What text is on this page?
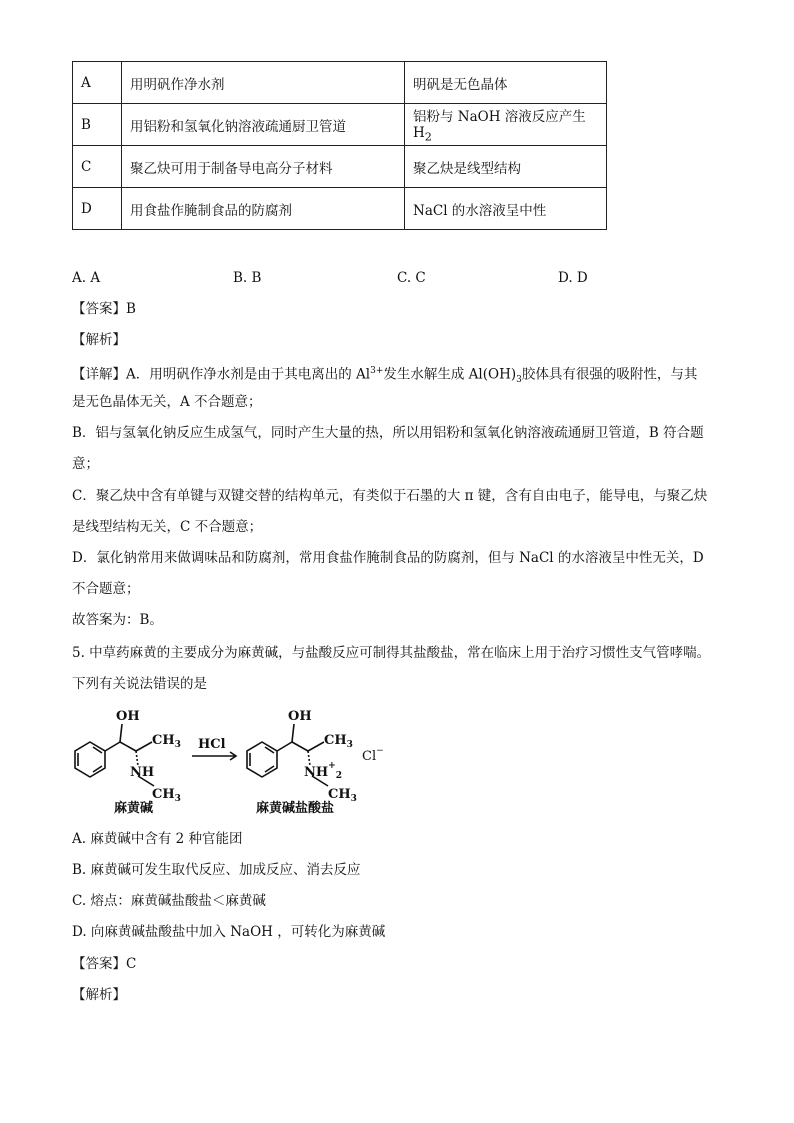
A	用明矾作净水剂	明矾是无色晶体
B	用铝粉和氢氧化钠溶液疏通厨卫管道	铝粉与 NaOH 溶液反应产生 $H_2$
C	聚乙炔可用于制备导电高分子材料	聚乙炔是线型结构
D	用食盐作腌制食品的防腐剂	NaCl 的水溶液呈中性
A. A	B. B	C. C	D. D
【答案】B
【解析】
【详解】A．用明矾作净水剂是由于其电离出的 $Al^{3+}$发生水解生成 $Al(OH)_3$胶体具有很强的吸附性，与其
是无色晶体无关，A 不合题意；
B．铝与氢氧化钠反应生成氢气，同时产生大量的热，所以用铝粉和氢氧化钠溶液疏通厨卫管道，B 符合题
意；
C．聚乙炔中含有单键与双键交替的结构单元，有类似于石墨的大 π 键，含有自由电子，能导电，与聚乙炔
是线型结构无关，C 不合题意；
D．氯化钠常用来做调味品和防腐剂，常用食盐作腌制食品的防腐剂，但与 NaCl 的水溶液呈中性无关，D
不合题意；
故答案为：B。
5. 中草药麻黄的主要成分为麻黄碱，与盐酸反应可制得其盐酸盐，常在临床上用于治疗习惯性支气管哮喘。
下列有关说法错误的是
OH
$CH_3$
NH
$CH_3$
HCl
OH
$CH_3$
$NH^+_2$
$CH_3$
Cl−
麻黄碱	麻黄碱盐酸盐
A. 麻黄碱中含有 2 种官能团
B. 麻黄碱可发生取代反应、加成反应、消去反应
C. 熔点：麻黄碱盐酸盐＜麻黄碱
D. 向麻黄碱盐酸盐中加入 NaOH ，可转化为麻黄碱
【答案】C
【解析】
